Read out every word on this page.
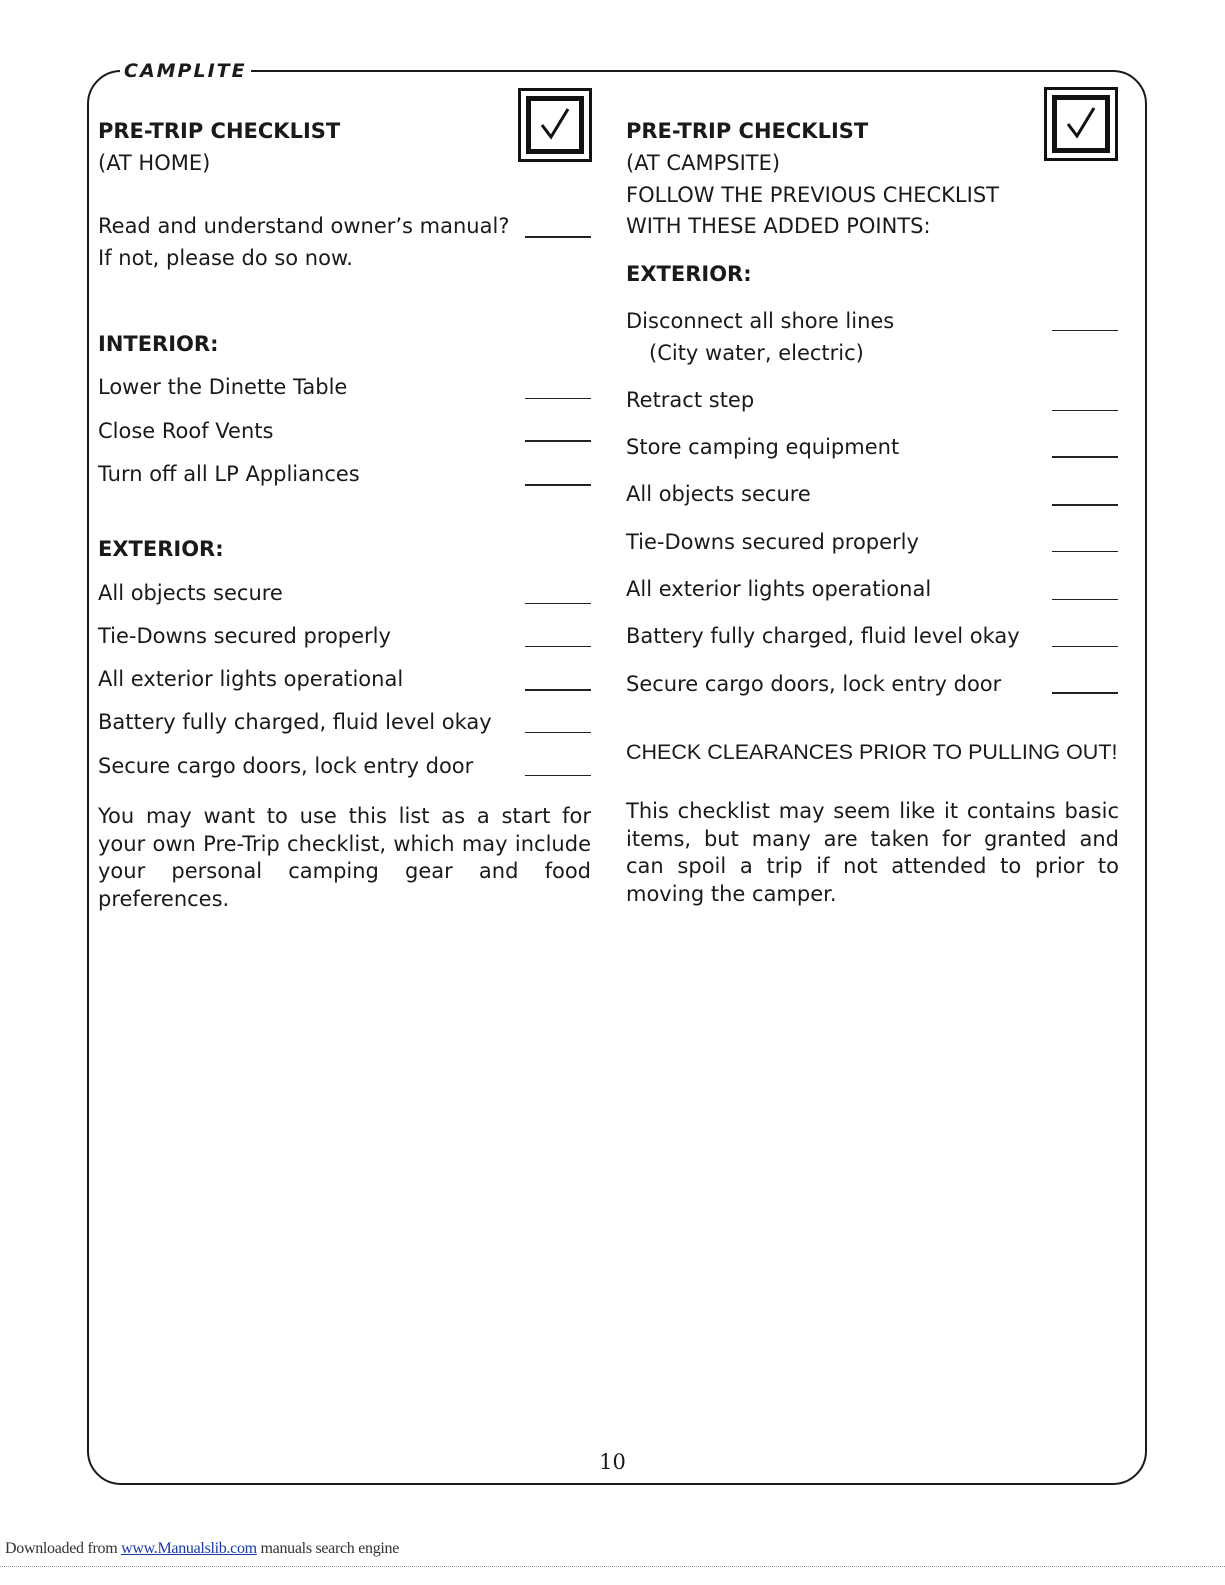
CAMPLITE
PRE-TRIP CHECKLIST
(AT HOME)
Read and understand owner’s manual?
If not, please do so now.
INTERIOR:
Lower the Dinette Table
Close Roof Vents
Turn off all LP Appliances
EXTERIOR:
All objects secure
Tie-Downs secured properly
All exterior lights operational
Battery fully charged, fluid level okay
Secure cargo doors, lock entry door
You may want to use this list as a start for your own Pre-Trip checklist, which may include your personal camping gear and food preferences.
PRE-TRIP CHECKLIST
(AT CAMPSITE)
FOLLOW THE PREVIOUS CHECKLIST
WITH THESE ADDED POINTS:
EXTERIOR:
Disconnect all shore lines
(City water, electric)
Retract step
Store camping equipment
All objects secure
Tie-Downs secured properly
All exterior lights operational
Battery fully charged, fluid level okay
Secure cargo doors, lock entry door
CHECK CLEARANCES PRIOR TO PULLING OUT!
This checklist may seem like it contains basic items, but many are taken for granted and can spoil a trip if not attended to prior to moving the camper.
10
Downloaded from www.Manualslib.com manuals search engine
